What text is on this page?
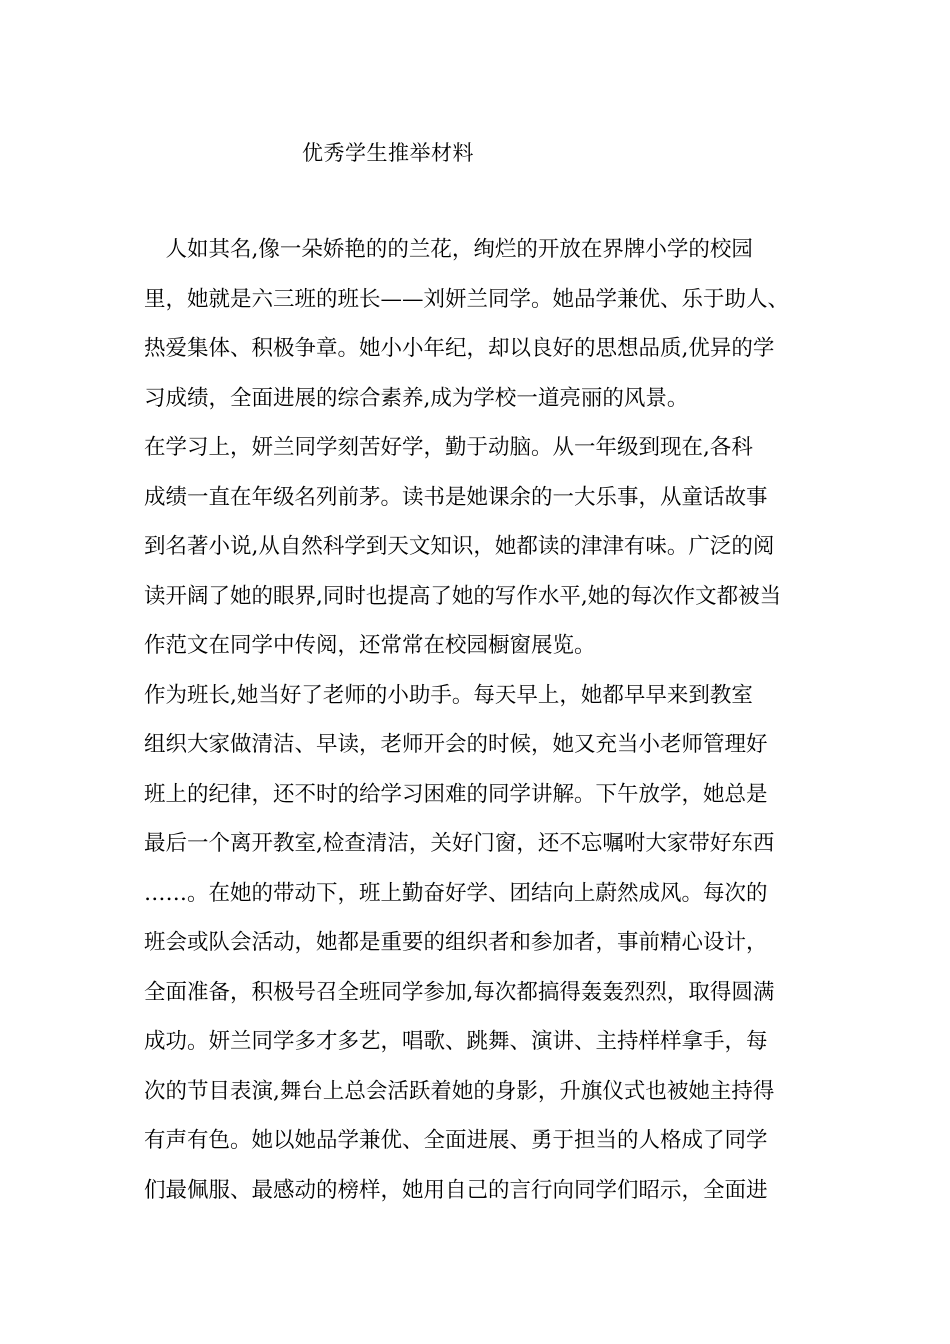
优秀学生推举材料
　人如其名,像一朵娇艳的的兰花，绚烂的开放在界牌小学的校园
里，她就是六三班的班长——刘妍兰同学。她品学兼优、乐于助人、
热爱集体、积极争章。她小小年纪，却以良好的思想品质,优异的学
习成绩，全面进展的综合素养,成为学校一道亮丽的风景。
在学习上，妍兰同学刻苦好学，勤于动脑。从一年级到现在,各科
成绩一直在年级名列前茅。读书是她课余的一大乐事，从童话故事
到名著小说,从自然科学到天文知识，她都读的津津有味。广泛的阅
读开阔了她的眼界,同时也提高了她的写作水平,她的每次作文都被当
作范文在同学中传阅，还常常在校园橱窗展览。
作为班长,她当好了老师的小助手。每天早上，她都早早来到教室
组织大家做清洁、早读，老师开会的时候，她又充当小老师管理好
班上的纪律，还不时的给学习困难的同学讲解。下午放学，她总是
最后一个离开教室,检查清洁，关好门窗，还不忘嘱咐大家带好东西
……。在她的带动下，班上勤奋好学、团结向上蔚然成风。每次的
班会或队会活动，她都是重要的组织者和参加者，事前精心设计，
全面准备，积极号召全班同学参加,每次都搞得轰轰烈烈，取得圆满
成功。妍兰同学多才多艺，唱歌、跳舞、演讲、主持样样拿手，每
次的节目表演,舞台上总会活跃着她的身影，升旗仪式也被她主持得
有声有色。她以她品学兼优、全面进展、勇于担当的人格成了同学
们最佩服、最感动的榜样，她用自己的言行向同学们昭示，全面进
